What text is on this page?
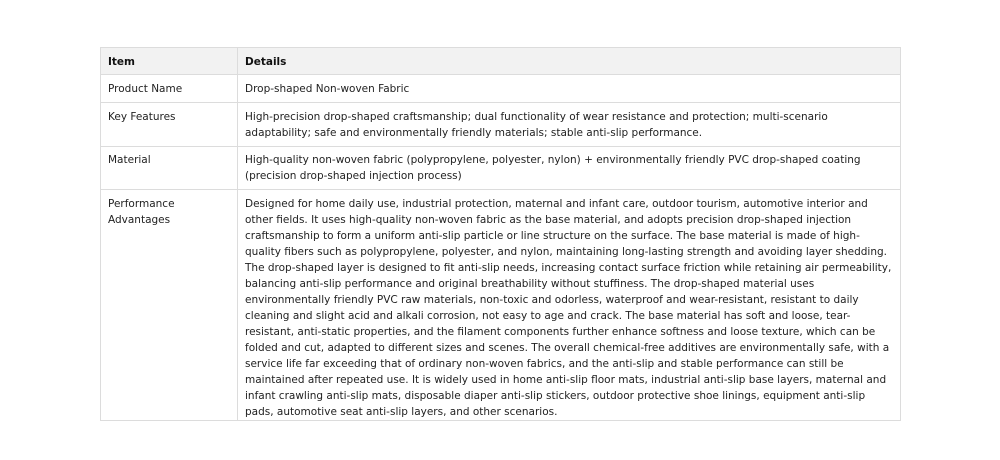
Item	Details
Product Name	Drop-shaped Non-woven Fabric
Key Features	High-precision drop-shaped craftsmanship; dual functionality of wear resistance and protection; multi-scenario adaptability; safe and environmentally friendly materials; stable anti-slip performance.
Material	High-quality non-woven fabric (polypropylene, polyester, nylon) + environmentally friendly PVC drop-shaped coating (precision drop-shaped injection process)
Performance Advantages	Designed for home daily use, industrial protection, maternal and infant care, outdoor tourism, automotive interior and other fields. It uses high-quality non-woven fabric as the base material, and adopts precision drop-shaped injection craftsmanship to form a uniform anti-slip particle or line structure on the surface. The base material is made of high-quality fibers such as polypropylene, polyester, and nylon, maintaining long-lasting strength and avoiding layer shedding. The drop-shaped layer is designed to fit anti-slip needs, increasing contact surface friction while retaining air permeability, balancing anti-slip performance and original breathability without stuffiness. The drop-shaped material uses environmentally friendly PVC raw materials, non-toxic and odorless, waterproof and wear-resistant, resistant to daily cleaning and slight acid and alkali corrosion, not easy to age and crack. The base material has soft and loose, tear-resistant, anti-static properties, and the filament components further enhance softness and loose texture, which can be folded and cut, adapted to different sizes and scenes. The overall chemical-free additives are environmentally safe, with a service life far exceeding that of ordinary non-woven fabrics, and the anti-slip and stable performance can still be maintained after repeated use. It is widely used in home anti-slip floor mats, industrial anti-slip base layers, maternal and infant crawling anti-slip mats, disposable diaper anti-slip stickers, outdoor protective shoe linings, equipment anti-slip pads, automotive seat anti-slip layers, and other scenarios.
